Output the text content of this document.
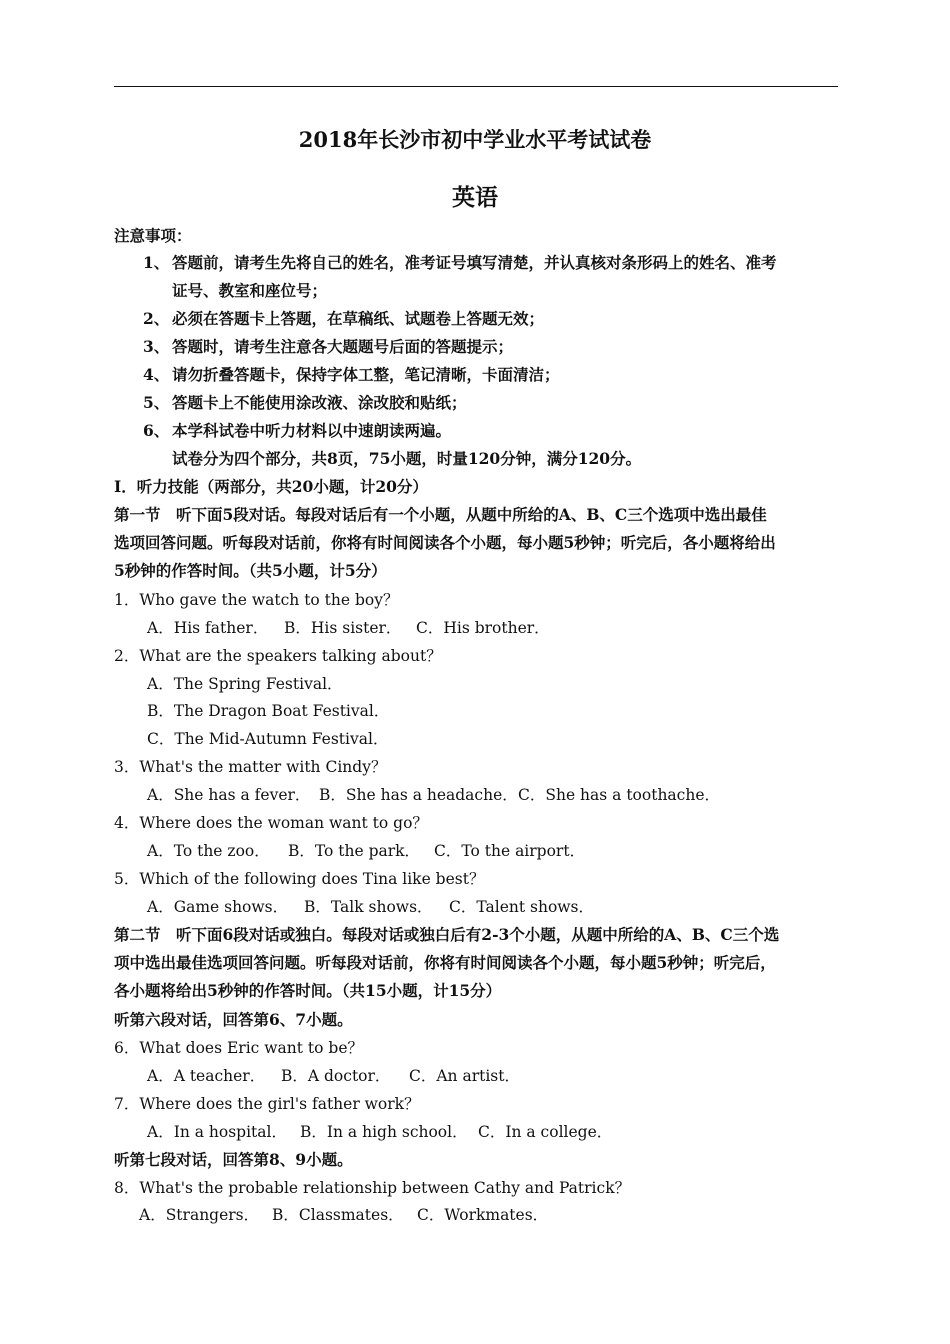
2018年长沙市初中学业水平考试试卷
英语
注意事项：
1、 答题前，请考生先将自己的姓名，准考证号填写清楚，并认真核对条形码上的姓名、准考
证号、教室和座位号；
2、 必须在答题卡上答题，在草稿纸、试题卷上答题无效；
3、 答题时，请考生注意各大题题号后面的答题提示；
4、 请勿折叠答题卡，保持字体工整，笔记清晰，卡面清洁；
5、 答题卡上不能使用涂改液、涂改胶和贴纸；
6、 本学科试卷中听力材料以中速朗读两遍。
试卷分为四个部分，共8页，75小题，时量120分钟，满分120分。
Ⅰ．听力技能（两部分，共20小题，计20分）
第一节　听下面5段对话。每段对话后有一个小题，从题中所给的A、B、C三个选项中选出最佳
选项回答问题。听每段对话前，你将有时间阅读各个小题，每小题5秒钟；听完后，各小题将给出
5秒钟的作答时间。（共5小题，计5分）
1．Who gave the watch to the boy？
A．His father． B．His sister． C．His brother．
2．What are the speakers talking about？
A．The Spring Festival．
B．The Dragon Boat Festival．
C．The Mid-Autumn Festival．
3．What's the matter with Cindy？
A．She has a fever． B．She has a headache． C．She has a toothache．
4．Where does the woman want to go？
A．To the zoo． B．To the park． C．To the airport．
5．Which of the following does Tina like best？
A．Game shows． B．Talk shows． C．Talent shows．
第二节　听下面6段对话或独白。每段对话或独白后有2-3个小题，从题中所给的A、B、C三个选
项中选出最佳选项回答问题。听每段对话前，你将有时间阅读各个小题，每小题5秒钟；听完后，
各小题将给出5秒钟的作答时间。（共15小题，计15分）
听第六段对话，回答第6、7小题。
6．What does Eric want to be？
A．A teacher． B．A doctor． C．An artist．
7．Where does the girl's father work？
A．In a hospital． B．In a high school． C．In a college．
听第七段对话，回答第8、9小题。
8．What's the probable relationship between Cathy and Patrick？
A．Strangers． B．Classmates． C．Workmates．
